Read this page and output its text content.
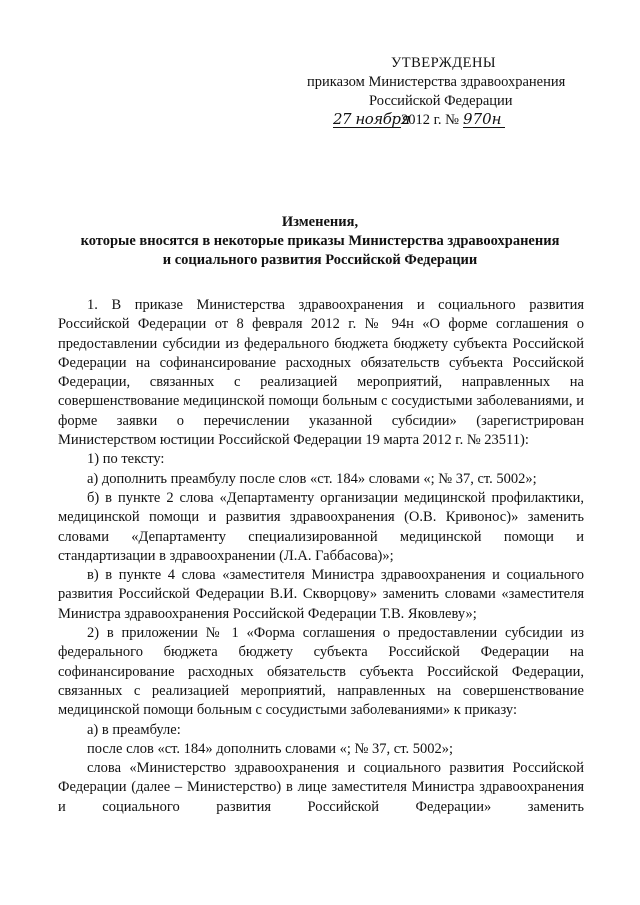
УТВЕРЖДЕНЫ
приказом Министерства здравоохранения
Российской Федерации
27 ноября2012 г. № 970н
Изменения,
которые вносятся в некоторые приказы Министерства здравоохранения
и социального развития Российской Федерации

1. В приказе Министерства здравоохранения и социального развития Российской Федерации от 8 февраля 2012 г. № 94н «О форме соглашения о предоставлении субсидии из федерального бюджета бюджету субъекта Российской Федерации на софинансирование расходных обязательств субъекта Российской Федерации, связанных с реализацией мероприятий, направленных на совершенствование медицинской помощи больным с сосудистыми заболеваниями, и форме заявки о перечислении указанной субсидии» (зарегистрирован Министерством юстиции Российской Федерации 19 марта 2012 г. № 23511):

1) по тексту:

а) дополнить преамбулу после слов «ст. 184» словами «; № 37, ст. 5002»;

б) в пункте 2 слова «Департаменту организации медицинской профилактики, медицинской помощи и развития здравоохранения (О.В. Кривонос)» заменить словами «Департаменту специализированной медицинской помощи и стандартизации в здравоохранении (Л.А. Габбасова)»;

в) в пункте 4 слова «заместителя Министра здравоохранения и социального развития Российской Федерации В.И. Скворцову» заменить словами «заместителя Министра здравоохранения Российской Федерации Т.В. Яковлеву»;

2) в приложении № 1 «Форма соглашения о предоставлении субсидии из федерального бюджета бюджету субъекта Российской Федерации на софинансирование расходных обязательств субъекта Российской Федерации, связанных с реализацией мероприятий, направленных на совершенствование медицинской помощи больным с сосудистыми заболеваниями» к приказу:

а) в преамбуле:

после слов «ст. 184» дополнить словами «; № 37, ст. 5002»;

слова «Министерство здравоохранения и социального развития Российской Федерации (далее – Министерство) в лице заместителя Министра здравоохранения и социального развития Российской Федерации» заменить
